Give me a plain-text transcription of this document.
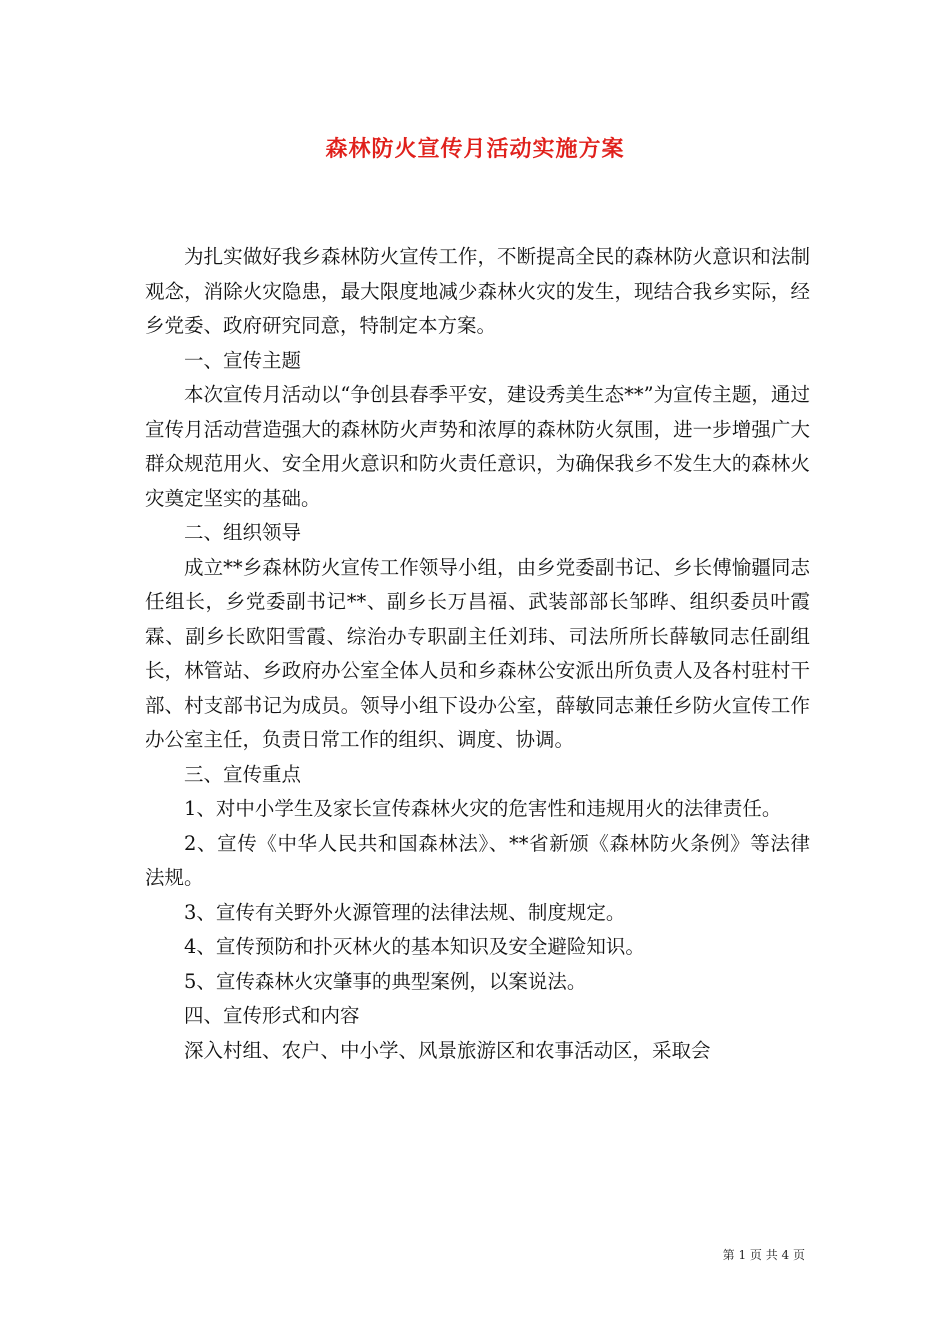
森林防火宣传月活动实施方案

为扎实做好我乡森林防火宣传工作，不断提高全民的森林防火意识和法制观念，消除火灾隐患，最大限度地减少森林火灾的发生，现结合我乡实际，经乡党委、政府研究同意，特制定本方案。

一、宣传主题

本次宣传月活动以“争创县春季平安，建设秀美生态**”为宣传主题，通过宣传月活动营造强大的森林防火声势和浓厚的森林防火氛围，进一步增强广大群众规范用火、安全用火意识和防火责任意识，为确保我乡不发生大的森林火灾奠定坚实的基础。

二、组织领导

成立**乡森林防火宣传工作领导小组，由乡党委副书记、乡长傅愉疆同志任组长，乡党委副书记**、副乡长万昌福、武装部部长邹晔、组织委员叶霞霖、副乡长欧阳雪霞、综治办专职副主任刘玮、司法所所长薛敏同志任副组长，林管站、乡政府办公室全体人员和乡森林公安派出所负责人及各村驻村干部、村支部书记为成员。领导小组下设办公室，薛敏同志兼任乡防火宣传工作办公室主任，负责日常工作的组织、调度、协调。

三、宣传重点

1、对中小学生及家长宣传森林火灾的危害性和违规用火的法律责任。

2、宣传《中华人民共和国森林法》、**省新颁《森林防火条例》等法律法规。

3、宣传有关野外火源管理的法律法规、制度规定。

4、宣传预防和扑灭林火的基本知识及安全避险知识。

5、宣传森林火灾肇事的典型案例，以案说法。

四、宣传形式和内容

深入村组、农户、中小学、风景旅游区和农事活动区，采取会

第 1 页 共 4 页
